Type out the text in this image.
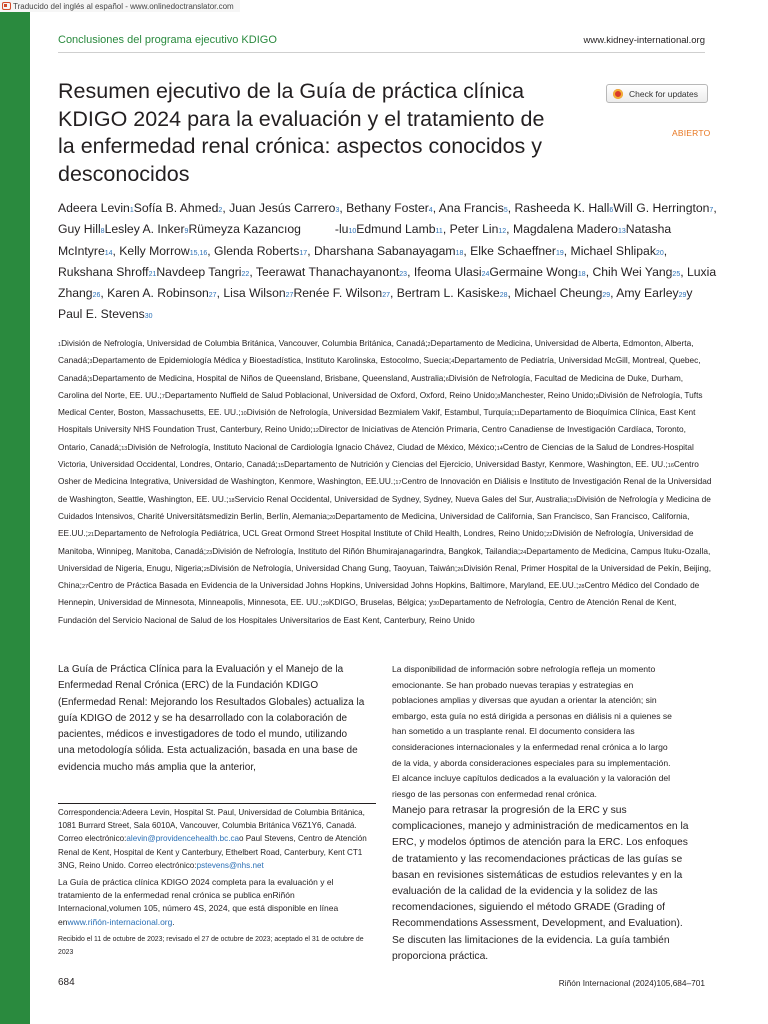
Traducido del inglés al español - www.onlinedoctranslator.com
Conclusiones del programa ejecutivo KDIGO	www.kidney-international.org
Resumen ejecutivo de la Guía de práctica clínica
KDIGO 2024 para la evaluación y el tratamiento de
la enfermedad renal crónica: aspectos conocidos y
desconocidos
Check for updates
ABIERTO

Adeera Levin1Sofía B. Ahmed2, Juan Jesús Carrero3, Bethany Foster4, Ana Francis5, Rasheeda K. Hall6Will G. Herrington7, Guy Hill8Lesley A. Inker9Rümeyza Kazancıog	-lu10Edmund Lamb11, Peter Lin12, Magdalena Madero13Natasha McIntyre14, Kelly Morrow15,16, Glenda Roberts17, Dharshana Sabanayagam18, Elke Schaeffner19, Michael Shlipak20, Rukshana Shroff21Navdeep Tangri22, Teerawat Thanachayanont23, Ifeoma Ulasi24Germaine Wong18, Chih Wei Yang25, Luxia Zhang26, Karen A. Robinson27, Lisa Wilson27Renée F. Wilson27, Bertram L. Kasiske28, Michael Cheung29, Amy Earley29y Paul E. Stevens30

1División de Nefrología, Universidad de Columbia Británica, Vancouver, Columbia Británica, Canadá;2Departamento de Medicina, Universidad de Alberta, Edmonton, Alberta, Canadá;3Departamento de Epidemiología Médica y Bioestadística, Instituto Karolinska, Estocolmo, Suecia;4Departamento de Pediatría, Universidad McGill, Montreal, Quebec, Canadá;5Departamento de Medicina, Hospital de Niños de Queensland, Brisbane, Queensland, Australia;6División de Nefrología, Facultad de Medicina de Duke, Durham, Carolina del Norte, EE. UU.;7Departamento Nuffield de Salud Poblacional, Universidad de Oxford, Oxford, Reino Unido;8Manchester, Reino Unido;9División de Nefrología, Tufts Medical Center, Boston, Massachusetts, EE. UU.;10División de Nefrología, Universidad Bezmialem Vakif, Estambul, Turquía;11Departamento de Bioquímica Clínica, East Kent Hospitals University NHS Foundation Trust, Canterbury, Reino Unido;12Director de Iniciativas de Atención Primaria, Centro Canadiense de Investigación Cardíaca, Toronto, Ontario, Canadá;13División de Nefrología, Instituto Nacional de Cardiología Ignacio Chávez, Ciudad de México, México;14Centro de Ciencias de la Salud de Londres-Hospital Victoria, Universidad Occidental, Londres, Ontario, Canadá;15Departamento de Nutrición y Ciencias del Ejercicio, Universidad Bastyr, Kenmore, Washington, EE. UU.;16Centro Osher de Medicina Integrativa, Universidad de Washington, Kenmore, Washington, EE.UU.;17Centro de Innovación en Diálisis e Instituto de Investigación Renal de la Universidad de Washington, Seattle, Washington, EE. UU.;18Servicio Renal Occidental, Universidad de Sydney, Sydney, Nueva Gales del Sur, Australia;19División de Nefrología y Medicina de Cuidados Intensivos, Charité Universitätsmedizin Berlin, Berlín, Alemania;20Departamento de Medicina, Universidad de California, San Francisco, San Francisco, California, EE.UU.;21Departamento de Nefrología Pediátrica, UCL Great Ormond Street Hospital Institute of Child Health, Londres, Reino Unido;22División de Nefrología, Universidad de Manitoba, Winnipeg, Manitoba, Canadá;23División de Nefrología, Instituto del Riñón Bhumirajanagarindra, Bangkok, Tailandia;24Departamento de Medicina, Campus Ituku-Ozalla, Universidad de Nigeria, Enugu, Nigeria;25División de Nefrología, Universidad Chang Gung, Taoyuan, Taiwán;26División Renal, Primer Hospital de la Universidad de Pekín, Beijing, China;27Centro de Práctica Basada en Evidencia de la Universidad Johns Hopkins, Universidad Johns Hopkins, Baltimore, Maryland, EE.UU.;28Centro Médico del Condado de Hennepin, Universidad de Minnesota, Minneapolis, Minnesota, EE. UU.;29KDIGO, Bruselas, Bélgica; y30Departamento de Nefrología, Centro de Atención Renal de Kent, Fundación del Servicio Nacional de Salud de los Hospitales Universitarios de East Kent, Canterbury, Reino Unido

La Guía de Práctica Clínica para la Evaluación y el Manejo de la
Enfermedad Renal Crónica (ERC) de la Fundación KDIGO
(Enfermedad Renal: Mejorando los Resultados Globales) actualiza la
guía KDIGO de 2012 y se ha desarrollado con la colaboración de
pacientes, médicos e investigadores de todo el mundo, utilizando
una metodología sólida. Esta actualización, basada en una base de
evidencia mucho más amplia que la anterior,

Correspondencia:Adeera Levin, Hospital St. Paul, Universidad de Columbia Británica, 1081 Burrard Street, Sala 6010A, Vancouver, Columbia Británica V6Z1Y6, Canadá. Correo electrónico:alevin@providencehealth.bc.cao Paul Stevens, Centro de Atención Renal de Kent, Hospital de Kent y Canterbury, Ethelbert Road, Canterbury, Kent CT1 3NG, Reino Unido. Correo electrónico:pstevens@nhs.net

La Guía de práctica clínica KDIGO 2024 completa para la evaluación y el tratamiento de la enfermedad renal crónica se publica enRiñón Internacional,volumen 105, número 4S, 2024, que está disponible en línea enwww.riñón-internacional.org.

Recibido el 11 de octubre de 2023; revisado el 27 de octubre de 2023; aceptado el 31 de octubre de 2023

La disponibilidad de información sobre nefrología refleja un momento
emocionante. Se han probado nuevas terapias y estrategias en
poblaciones amplias y diversas que ayudan a orientar la atención; sin
embargo, esta guía no está dirigida a personas en diálisis ni a quienes se
han sometido a un trasplante renal. El documento considera las
consideraciones internacionales y la enfermedad renal crónica a lo largo
de la vida, y aborda consideraciones especiales para su implementación.
El alcance incluye capítulos dedicados a la evaluación y la valoración del
riesgo de las personas con enfermedad renal crónica.

Manejo para retrasar la progresión de la ERC y sus
complicaciones, manejo y administración de medicamentos en la
ERC, y modelos óptimos de atención para la ERC. Los enfoques
de tratamiento y las recomendaciones prácticas de las guías se
basan en revisiones sistemáticas de estudios relevantes y en la
evaluación de la calidad de la evidencia y la solidez de las
recomendaciones, siguiendo el método GRADE (Grading of
Recommendations Assessment, Development, and Evaluation).
Se discuten las limitaciones de la evidencia. La guía también
proporciona práctica.

684	Riñón Internacional (2024)105,684–701
